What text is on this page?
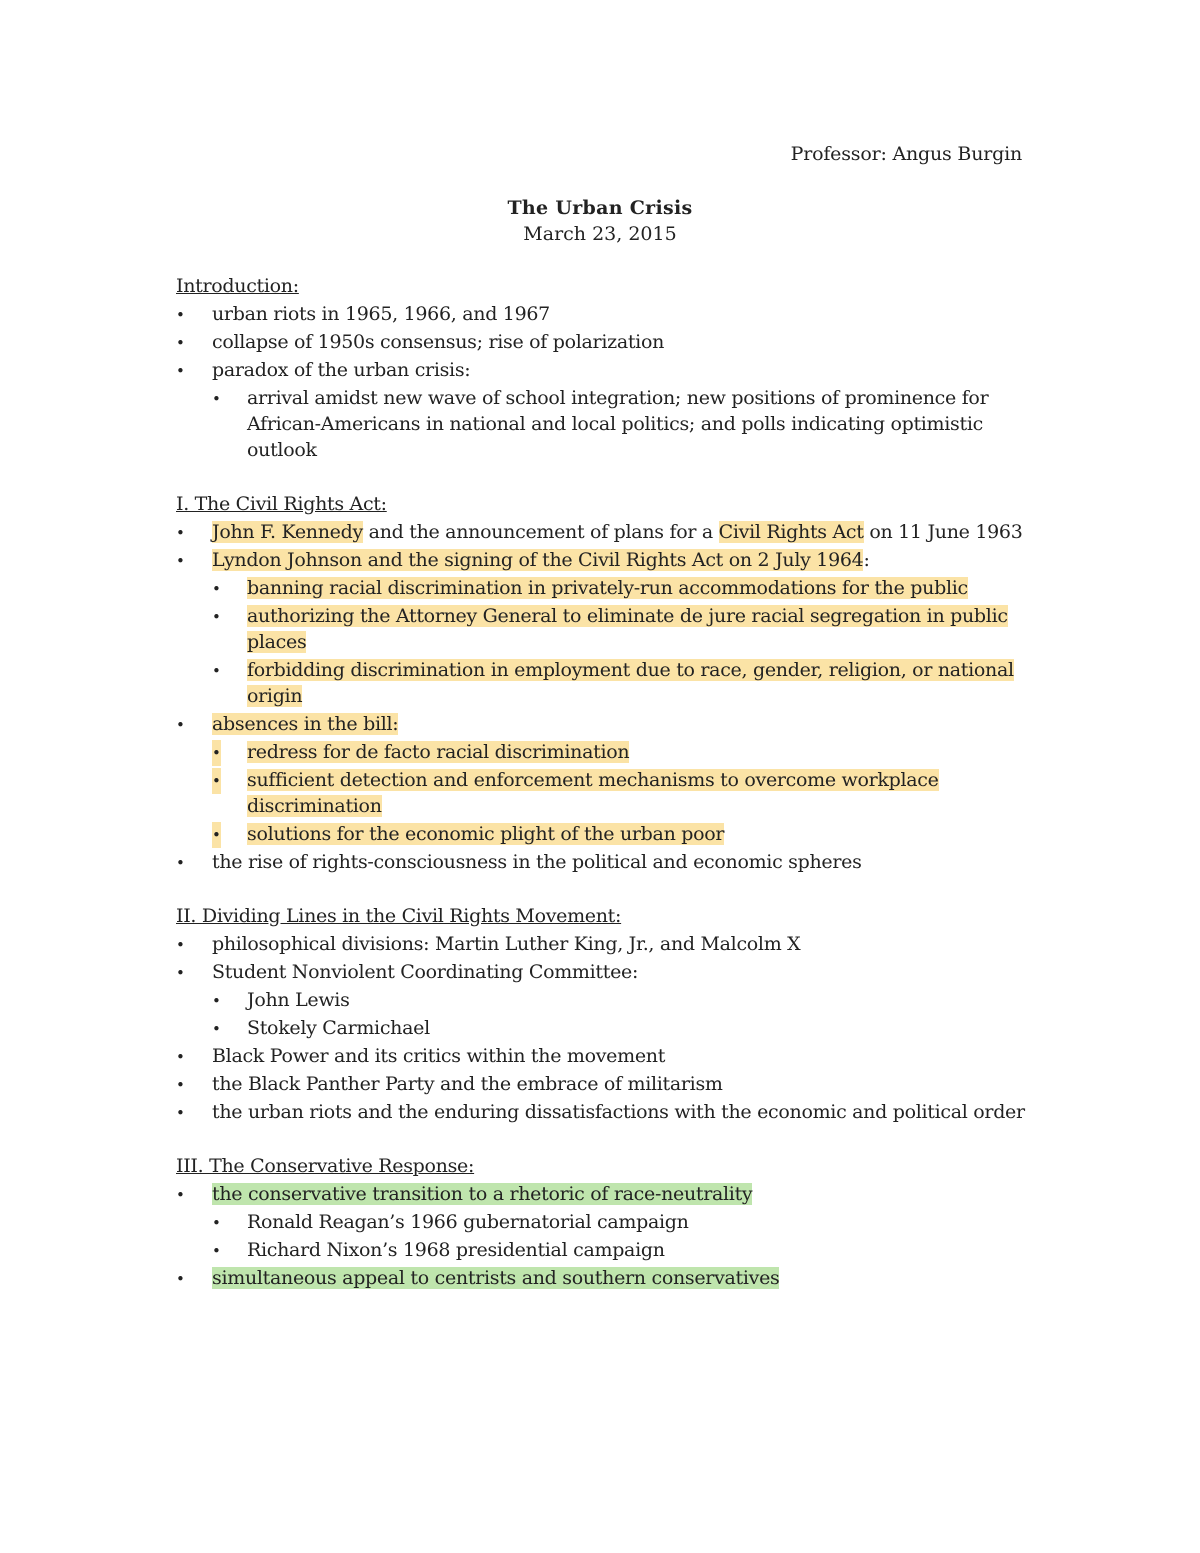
Professor: Angus Burgin
The Urban Crisis
March 23, 2015
Introduction:
• urban riots in 1965, 1966, and 1967
• collapse of 1950s consensus; rise of polarization
• paradox of the urban crisis:
• arrival amidst new wave of school integration; new positions of prominence for African-Americans in national and local politics; and polls indicating optimistic outlook
I. The Civil Rights Act:
• John F. Kennedy and the announcement of plans for a Civil Rights Act on 11 June 1963
• Lyndon Johnson and the signing of the Civil Rights Act on 2 July 1964:
• banning racial discrimination in privately-run accommodations for the public
• authorizing the Attorney General to eliminate de jure racial segregation in public places
• forbidding discrimination in employment due to race, gender, religion, or national origin
• absences in the bill:
• redress for de facto racial discrimination
• sufficient detection and enforcement mechanisms to overcome workplace discrimination
• solutions for the economic plight of the urban poor
• the rise of rights-consciousness in the political and economic spheres
II. Dividing Lines in the Civil Rights Movement:
• philosophical divisions: Martin Luther King, Jr., and Malcolm X
• Student Nonviolent Coordinating Committee:
• John Lewis
• Stokely Carmichael
• Black Power and its critics within the movement
• the Black Panther Party and the embrace of militarism
• the urban riots and the enduring dissatisfactions with the economic and political order
III. The Conservative Response:
• the conservative transition to a rhetoric of race-neutrality
• Ronald Reagan’s 1966 gubernatorial campaign
• Richard Nixon’s 1968 presidential campaign
• simultaneous appeal to centrists and southern conservatives
